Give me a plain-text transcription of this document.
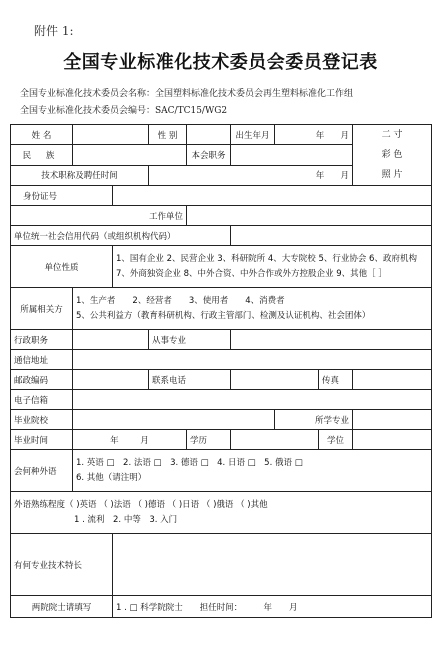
附件 1:
全国专业标准化技术委员会委员登记表
全国专业标准化技术委员会名称：全国塑料标准化技术委员会再生塑料标准化工作组
全国专业标准化技术委员会编号：SAC/TC15/WG2
姓 名			性 别		出生年月	年 月		二 寸
彩 色
照 片

民 族				本会职务				
技术职称及聘任时间			年 月					
身份证号								
工作单位								
单位统一社会信用代码（或组织机构代码）								
单位性质		1、国有企业 2、民营企业 3、科研院所 4、大专院校 5、行业协会 6、政府机构 7、外商独资企业 8、中外合资、中外合作或外方控股企业 9、其他［ ］						
所属相关方	1、生产者　　2、经营者　　3、使用者　　4、消费者
5、公共利益方（教育科研机构、行政主管部门、检测及认证机构、社会团体）							

行政职务			从事专业					
通信地址								
邮政编码			联系电话				传真	
电子信箱								
毕业院校						所学专业		
毕业时间	年 月			学历			学位	
会何种外语	1. 英语 □　2. 法语 □　3. 德语 □　4. 日语 □　5. 俄语 □
6. 其他（请注明）							

外语熟练程度（ )英语 （ )法语 （ )德语 （ )日语 （ )俄语 （ )其他
1 . 流利　2. 中等　3. 入门								

有何专业技术特长								
两院院士请填写		1 . □ 科学院院士　　担任时间：　　　年　　月						
